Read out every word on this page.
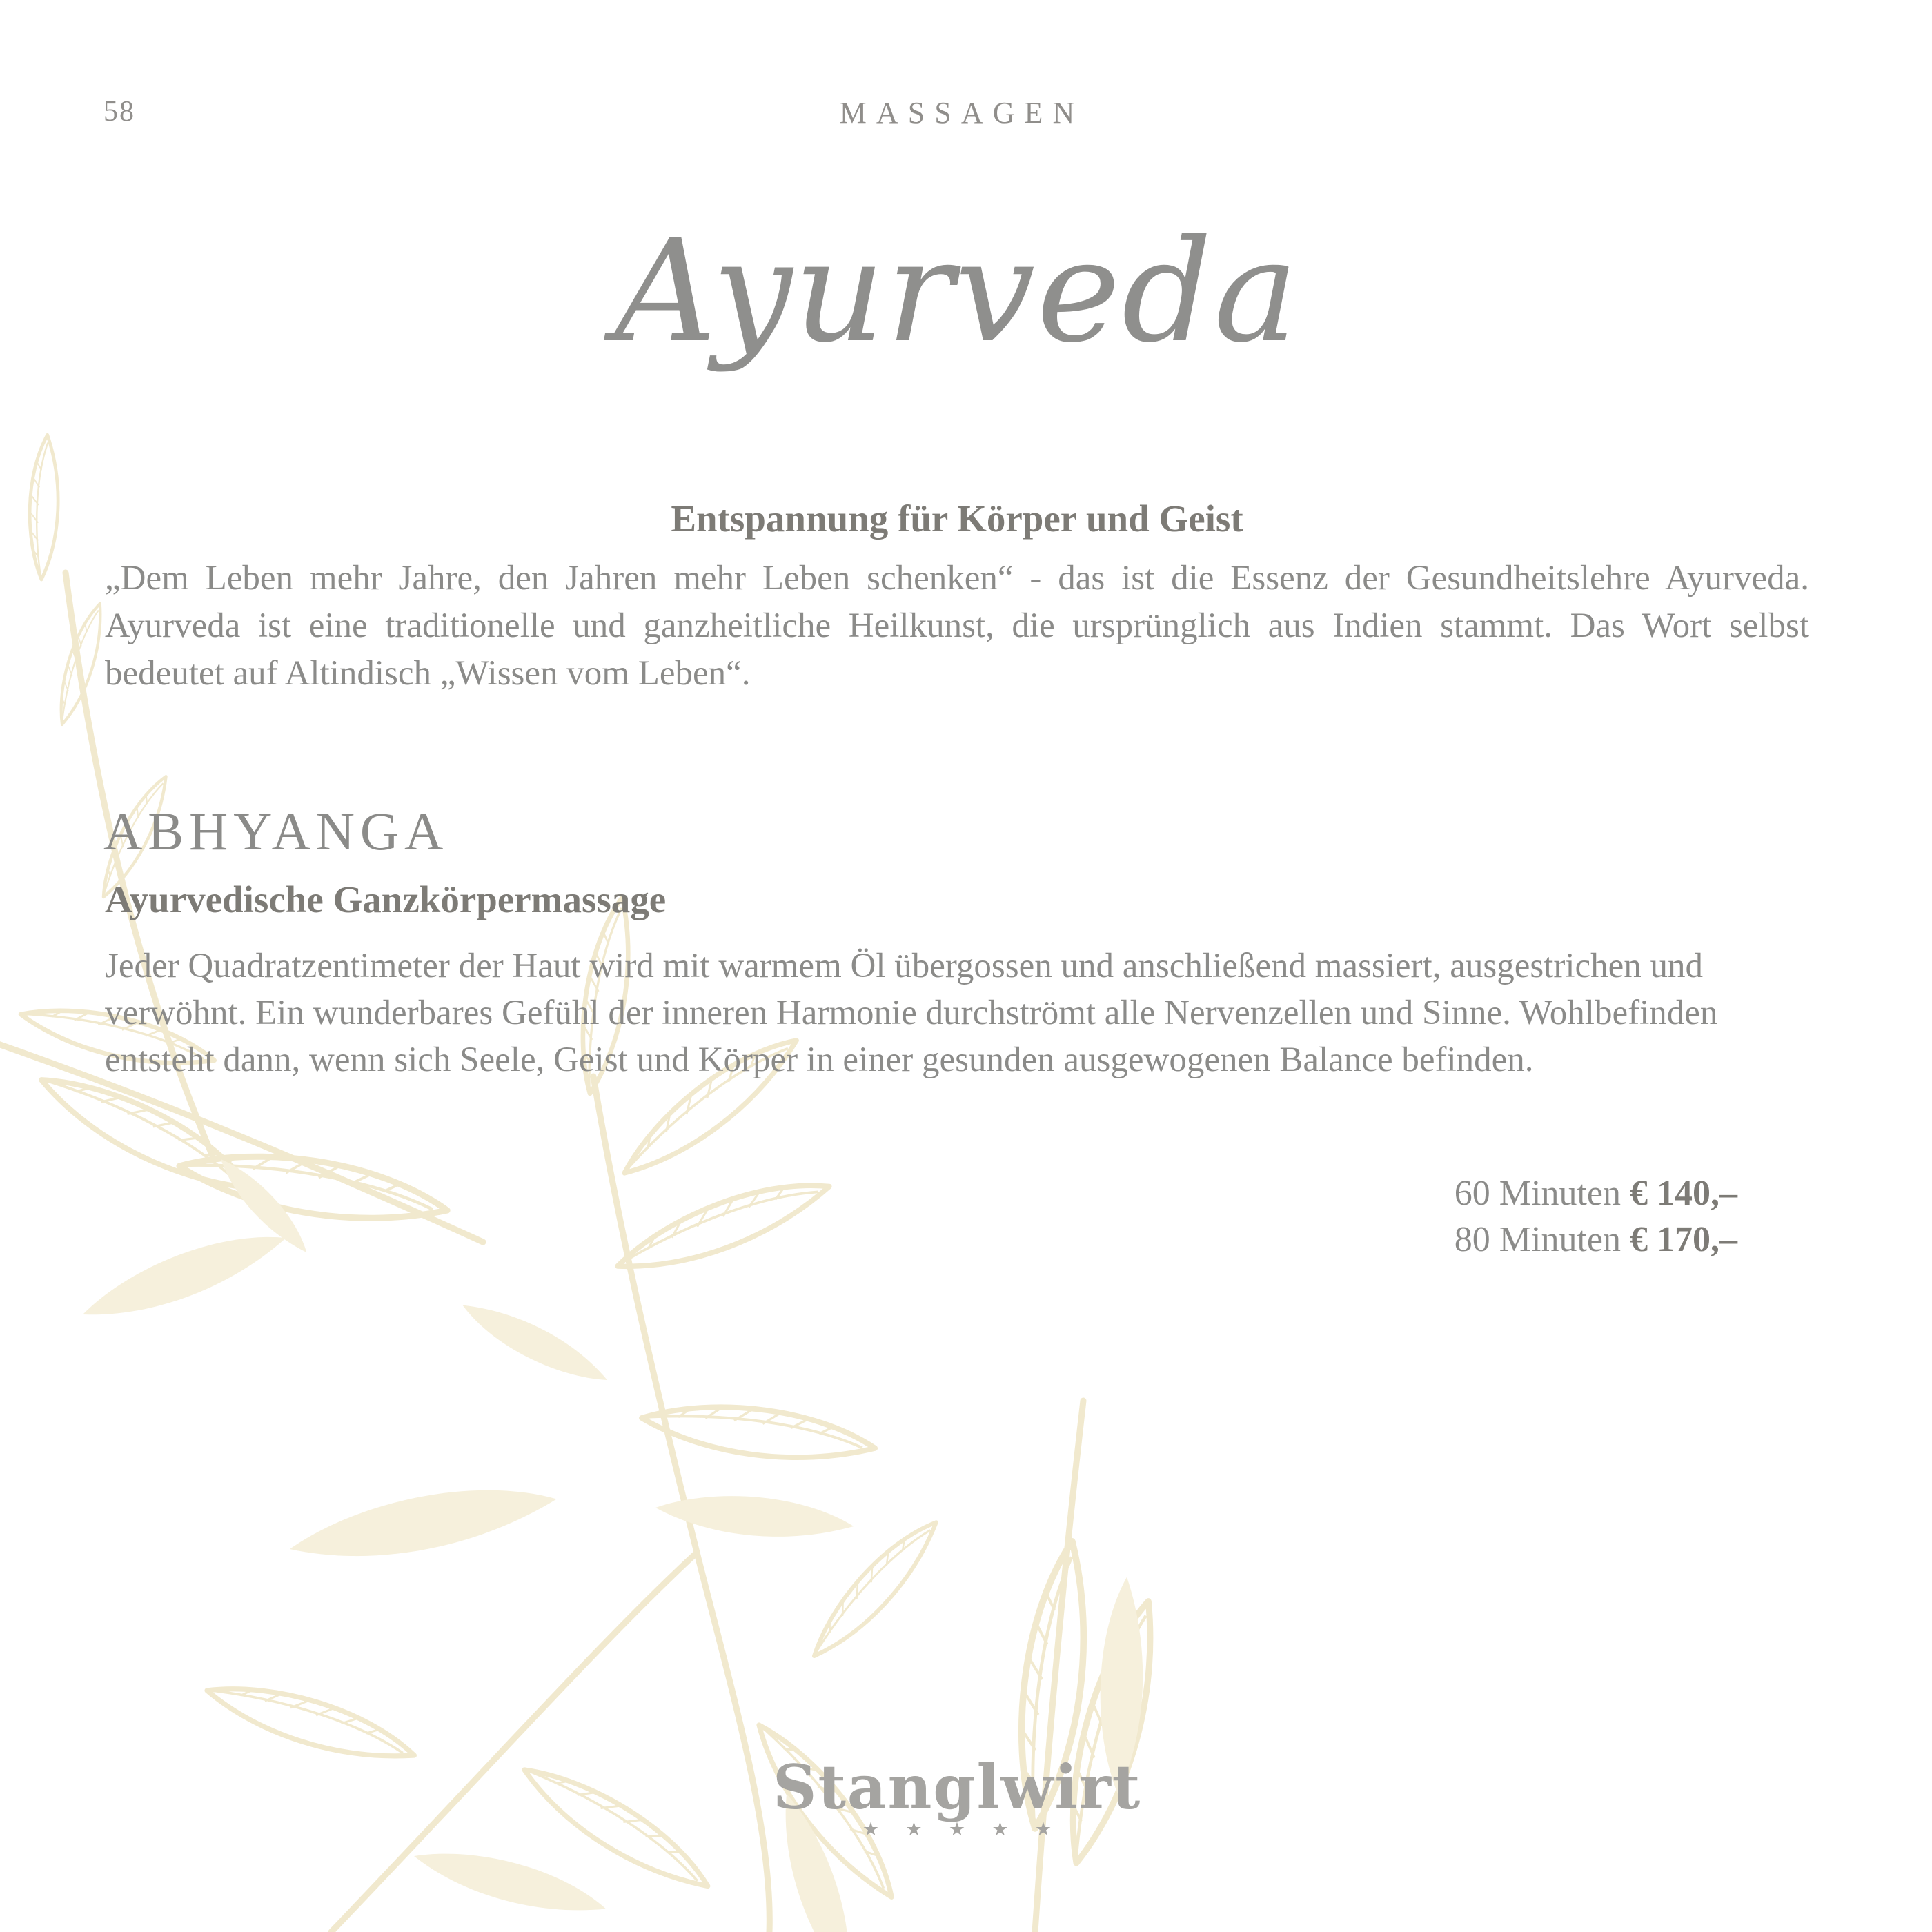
58	MASSAGEN
Ayurveda
Entspannung für Körper und Geist

„Dem Leben mehr Jahre, den Jahren mehr Leben schenken“ - das ist die Essenz der Gesundheitslehre Ayurveda. Ayurveda ist eine traditionelle und ganzheitliche Heilkunst, die ursprünglich aus Indien stammt. Das Wort selbst bedeutet auf Altindisch „Wissen vom Leben“.

ABHYANGA
Ayurvedische Ganzkörpermassage

Jeder Quadratzentimeter der Haut wird mit warmem Öl übergossen und anschließend massiert, ausgestrichen und verwöhnt. Ein wunderbares Gefühl der inneren Harmonie durchströmt alle Nervenzellen und Sinne. Wohlbefinden entsteht dann, wenn sich Seele, Geist und Körper in einer gesunden ausgewogenen Balance befinden.

60 Minuten € 140,–
80 Minuten € 170,–
Stanglwirt
★ ★ ★ ★ ★
